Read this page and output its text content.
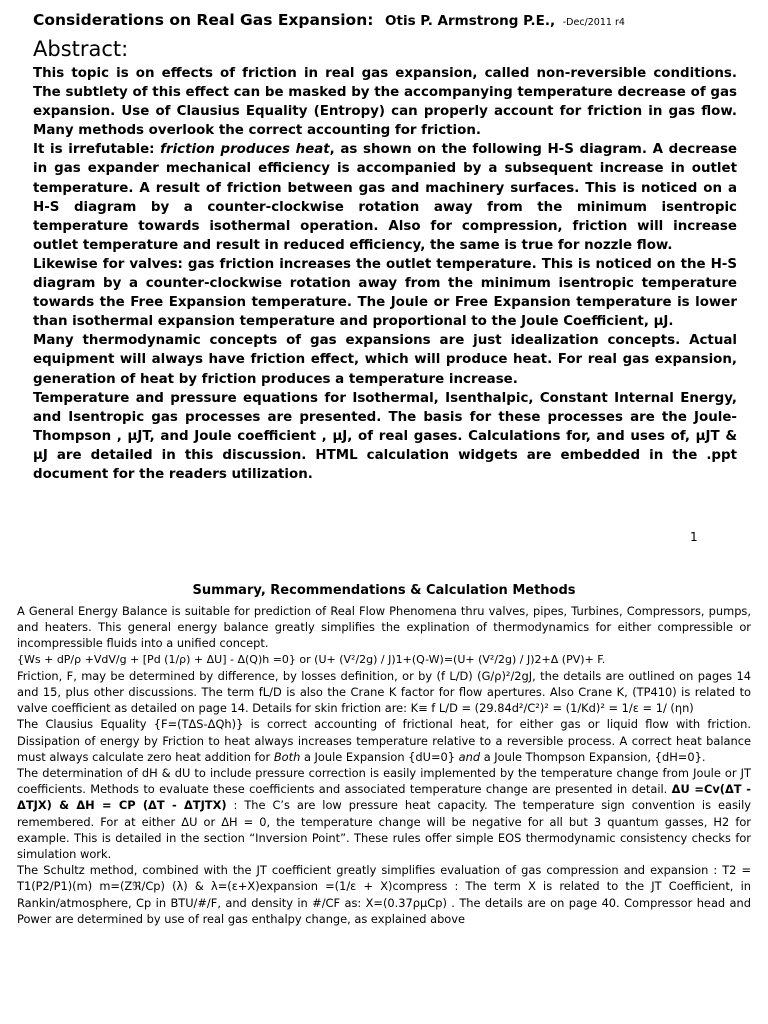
Considerations on Real Gas Expansion: Otis P. Armstrong P.E., -Dec/2011 r4
Abstract:

This topic is on effects of friction in real gas expansion, called non-reversible conditions. The subtlety of this effect can be masked by the accompanying temperature decrease of gas expansion. Use of Clausius Equality (Entropy) can properly account for friction in gas flow. Many methods overlook the correct accounting for friction.

It is irrefutable: friction produces heat, as shown on the following H-S diagram. A decrease in gas expander mechanical efficiency is accompanied by a subsequent increase in outlet temperature. A result of friction between gas and machinery surfaces. This is noticed on a H-S diagram by a counter-clockwise rotation away from the minimum isentropic temperature towards isothermal operation. Also for compression, friction will increase outlet temperature and result in reduced efficiency, the same is true for nozzle flow.

Likewise for valves: gas friction increases the outlet temperature. This is noticed on the H-S diagram by a counter-clockwise rotation away from the minimum isentropic temperature towards the Free Expansion temperature. The Joule or Free Expansion temperature is lower than isothermal expansion temperature and proportional to the Joule Coefficient, μJ.

Many thermodynamic concepts of gas expansions are just idealization concepts. Actual equipment will always have friction effect, which will produce heat. For real gas expansion, generation of heat by friction produces a temperature increase.

Temperature and pressure equations for Isothermal, Isenthalpic, Constant Internal Energy, and Isentropic gas processes are presented. The basis for these processes are the Joule-Thompson , μJT, and Joule coefficient , μJ, of real gases. Calculations for, and uses of, μJT & μJ are detailed in this discussion. HTML calculation widgets are embedded in the .ppt document for the readers utilization.

1
Summary, Recommendations & Calculation Methods

A General Energy Balance is suitable for prediction of Real Flow Phenomena thru valves, pipes, Turbines, Compressors, pumps, and heaters. This general energy balance greatly simplifies the explination of thermodynamics for either compressible or incompressible fluids into a unified concept.

{Ws + dP/ρ +VdV/g + [Pd (1/ρ) + ΔU] - Δ(Q)h =0} or (U+ (V²/2g) / J)1+(Q-W)=(U+ (V²/2g) / J)2+Δ (PV)+ F.

Friction, F, may be determined by difference, by losses definition, or by (f L/D) (G/ρ)²/2gJ, the details are outlined on pages 14 and 15, plus other discussions. The term fL/D is also the Crane K factor for flow apertures. Also Crane K, (TP410) is related to valve coefficient as detailed on page 14. Details for skin friction are: K≡ f L/D = (29.84d²/C²)² = (1/Kd)² = 1/ε = 1/ (ηn)

The Clausius Equality {F=(TΔS-ΔQh)} is correct accounting of frictional heat, for either gas or liquid flow with friction. Dissipation of energy by Friction to heat always increases temperature relative to a reversible process. A correct heat balance must always calculate zero heat addition for Both a Joule Expansion {dU=0} and a Joule Thompson Expansion, {dH=0}.

The determination of dH & dU to include pressure correction is easily implemented by the temperature change from Joule or JT coefficients. Methods to evaluate these coefficients and associated temperature change are presented in detail. ΔU =Cv(ΔT - ΔTJX) & ΔH = CP (ΔT - ΔTJTX) : The C’s are low pressure heat capacity. The temperature sign convention is easily remembered. For at either ΔU or ΔH = 0, the temperature change will be negative for all but 3 quantum gasses, H2 for example. This is detailed in the section “Inversion Point”. These rules offer simple EOS thermodynamic consistency checks for simulation work.

The Schultz method, combined with the JT coefficient greatly simplifies evaluation of gas compression and expansion : T2 = T1(P2/P1)(m) m=(Zℜ/Cp) (λ) & λ=(ε+X)expansion =(1/ε + X)compress : The term X is related to the JT Coefficient, in Rankin/atmosphere, Cp in BTU/#/F, and density in #/CF as: X=(0.37ρμCp) . The details are on page 40. Compressor head and Power are determined by use of real gas enthalpy change, as explained above
